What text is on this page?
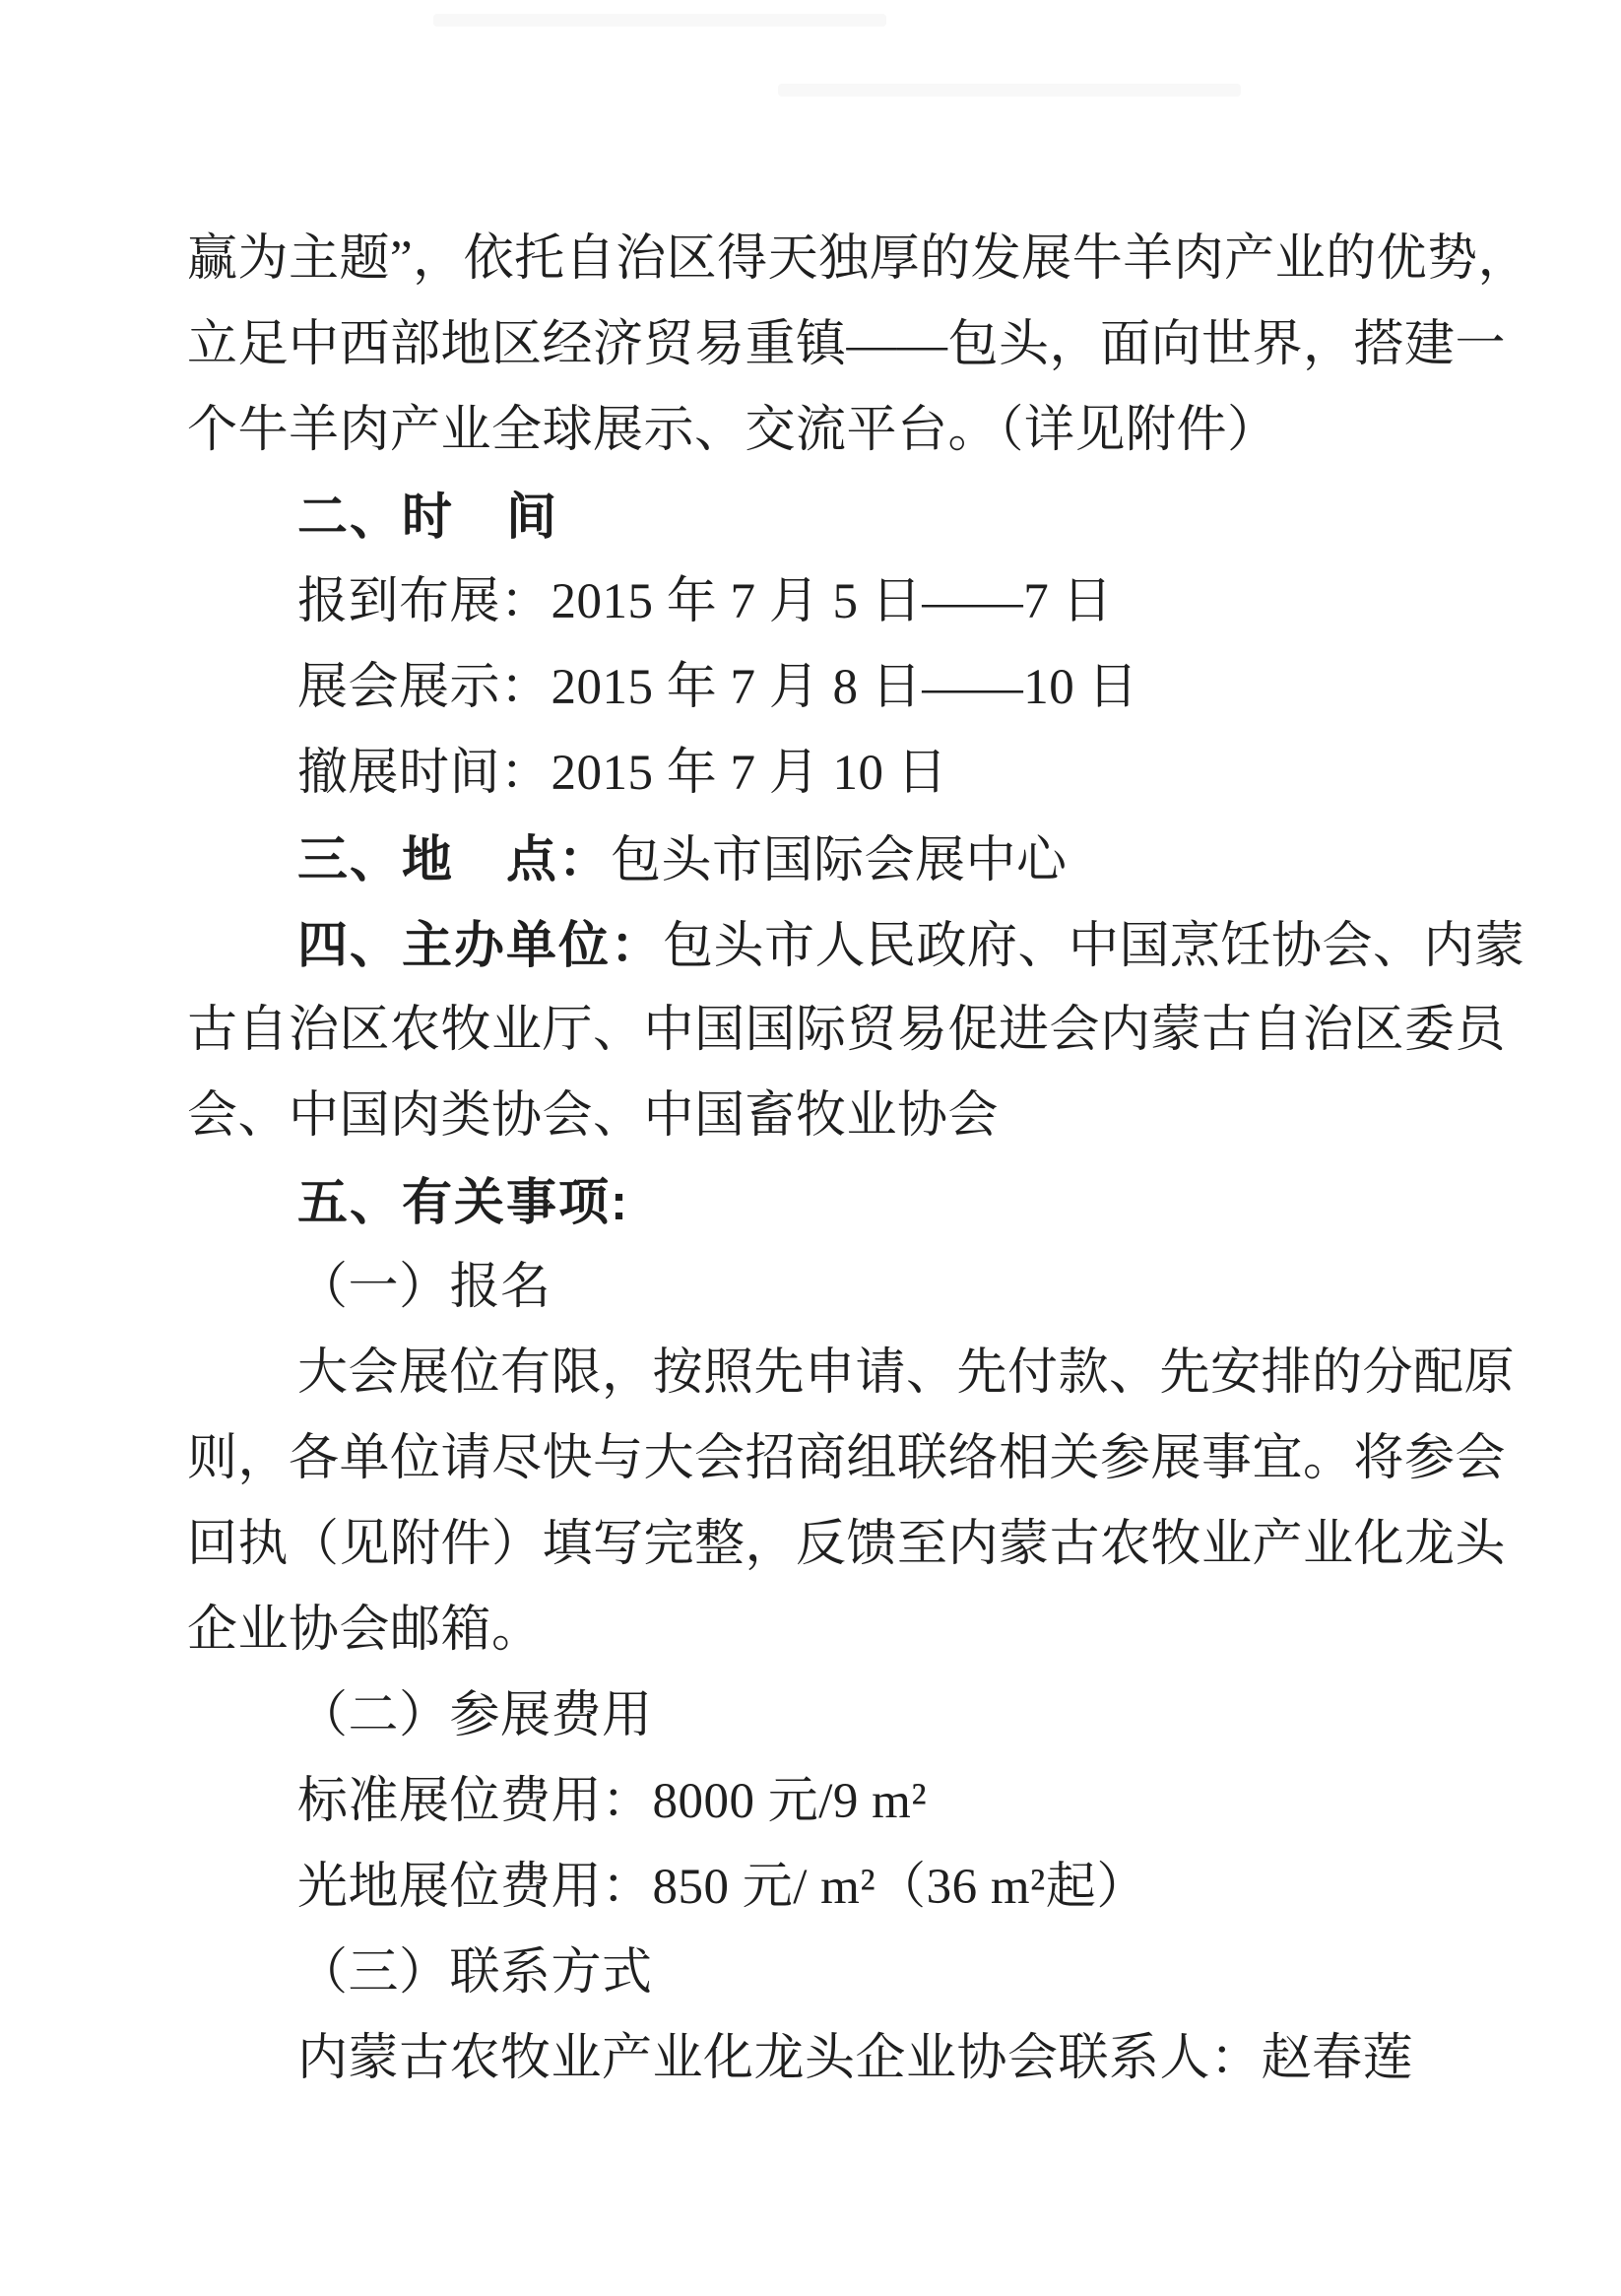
赢为主题”，依托自治区得天独厚的发展牛羊肉产业的优势，
立足中西部地区经济贸易重镇——包头，面向世界，搭建一
个牛羊肉产业全球展示、交流平台。（详见附件）
二、时　间
报到布展：2015 年 7 月 5 日——7 日
展会展示：2015 年 7 月 8 日——10 日
撤展时间：2015 年 7 月 10 日
三、地　点：包头市国际会展中心
四、主办单位：包头市人民政府、中国烹饪协会、内蒙
古自治区农牧业厅、中国国际贸易促进会内蒙古自治区委员
会、中国肉类协会、中国畜牧业协会
五、有关事项:
（一）报名
大会展位有限，按照先申请、先付款、先安排的分配原
则，各单位请尽快与大会招商组联络相关参展事宜。将参会
回执（见附件）填写完整，反馈至内蒙古农牧业产业化龙头
企业协会邮箱。
（二）参展费用
标准展位费用：8000 元/9 m²
光地展位费用：850 元/ m²（36 m²起）
（三）联系方式
内蒙古农牧业产业化龙头企业协会联系人：赵春莲
